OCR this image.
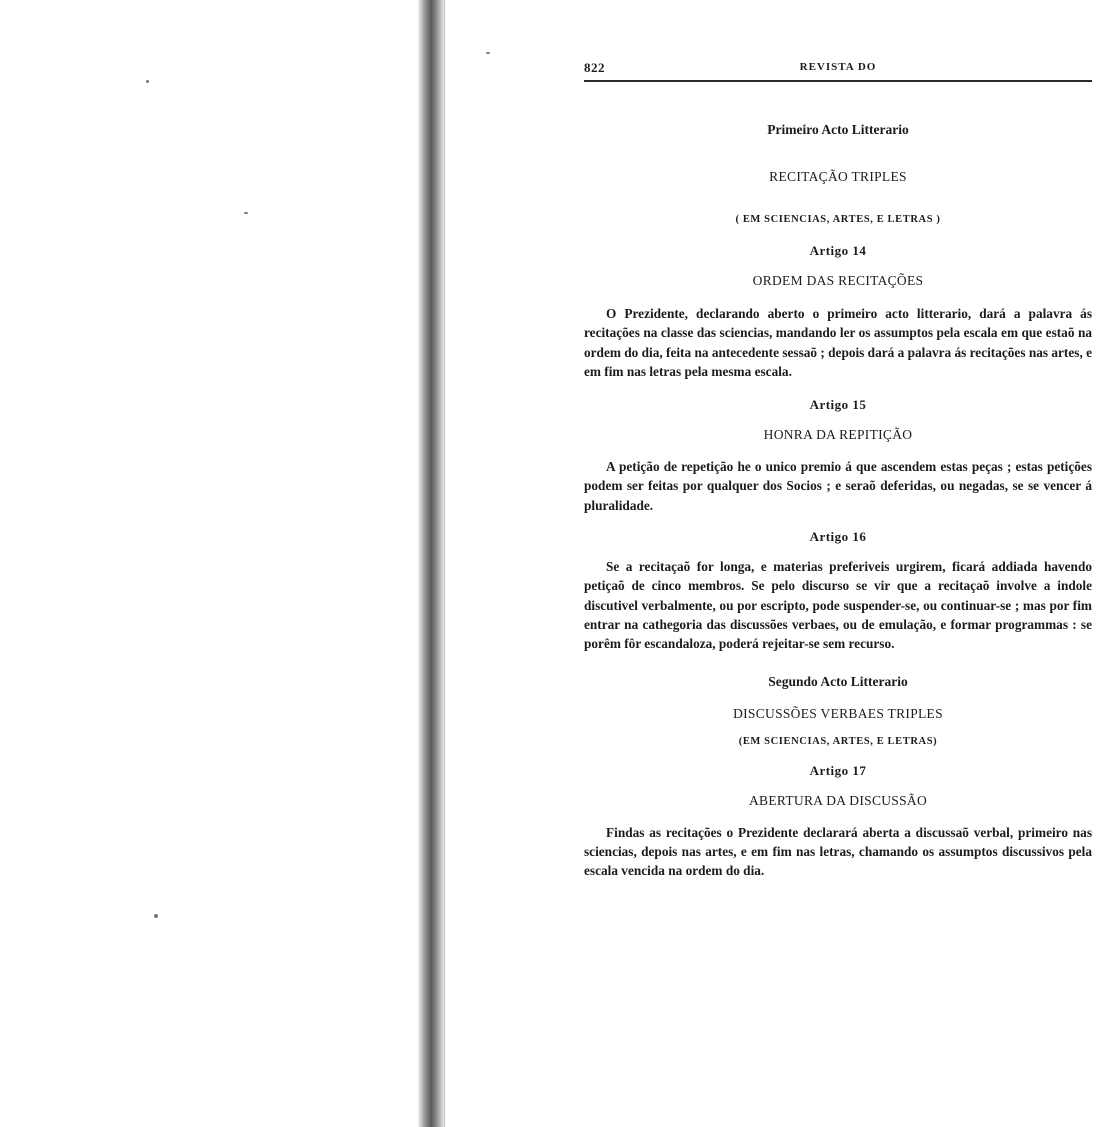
822	REVISTA DO
Primeiro Acto Litterario
RECITAÇÃO TRIPLES
( EM SCIENCIAS, ARTES, E LETRAS )
Artigo 14
ORDEM DAS RECITAÇÕES

O Prezidente, declarando aberto o primeiro acto litterario, dará a palavra ás recitações na classe das sciencias, mandando ler os assumptos pela escala em que estaõ na ordem do dia, feita na antecedente sessaõ ; depois dará a palavra ás recitações nas artes, e em fim nas letras pela mesma escala.

Artigo 15
HONRA DA REPITIÇÃO

A petição de repetição he o unico premio á que ascendem estas peças ; estas petições podem ser feitas por qualquer dos Socios ; e seraõ deferidas, ou negadas, se se vencer á pluralidade.

Artigo 16

Se a recitaçaõ for longa, e materias preferiveis urgirem, ficará addiada havendo petiçaõ de cinco membros. Se pelo discurso se vir que a recitaçaõ involve a indole discutivel verbalmente, ou por escripto, pode suspender-se, ou continuar-se ; mas por fim entrar na cathegoria das discussões verbaes, ou de emulação, e formar programmas : se porêm fôr escandaloza, poderá rejeitar-se sem recurso.

Segundo Acto Litterario
DISCUSSÕES VERBAES TRIPLES
(EM SCIENCIAS, ARTES, E LETRAS)
Artigo 17
ABERTURA DA DISCUSSÃO

Findas as recitações o Prezidente declarará aberta a discussaõ verbal, primeiro nas sciencias, depois nas artes, e em fim nas letras, chamando os assumptos discussivos pela escala vencida na ordem do dia.
